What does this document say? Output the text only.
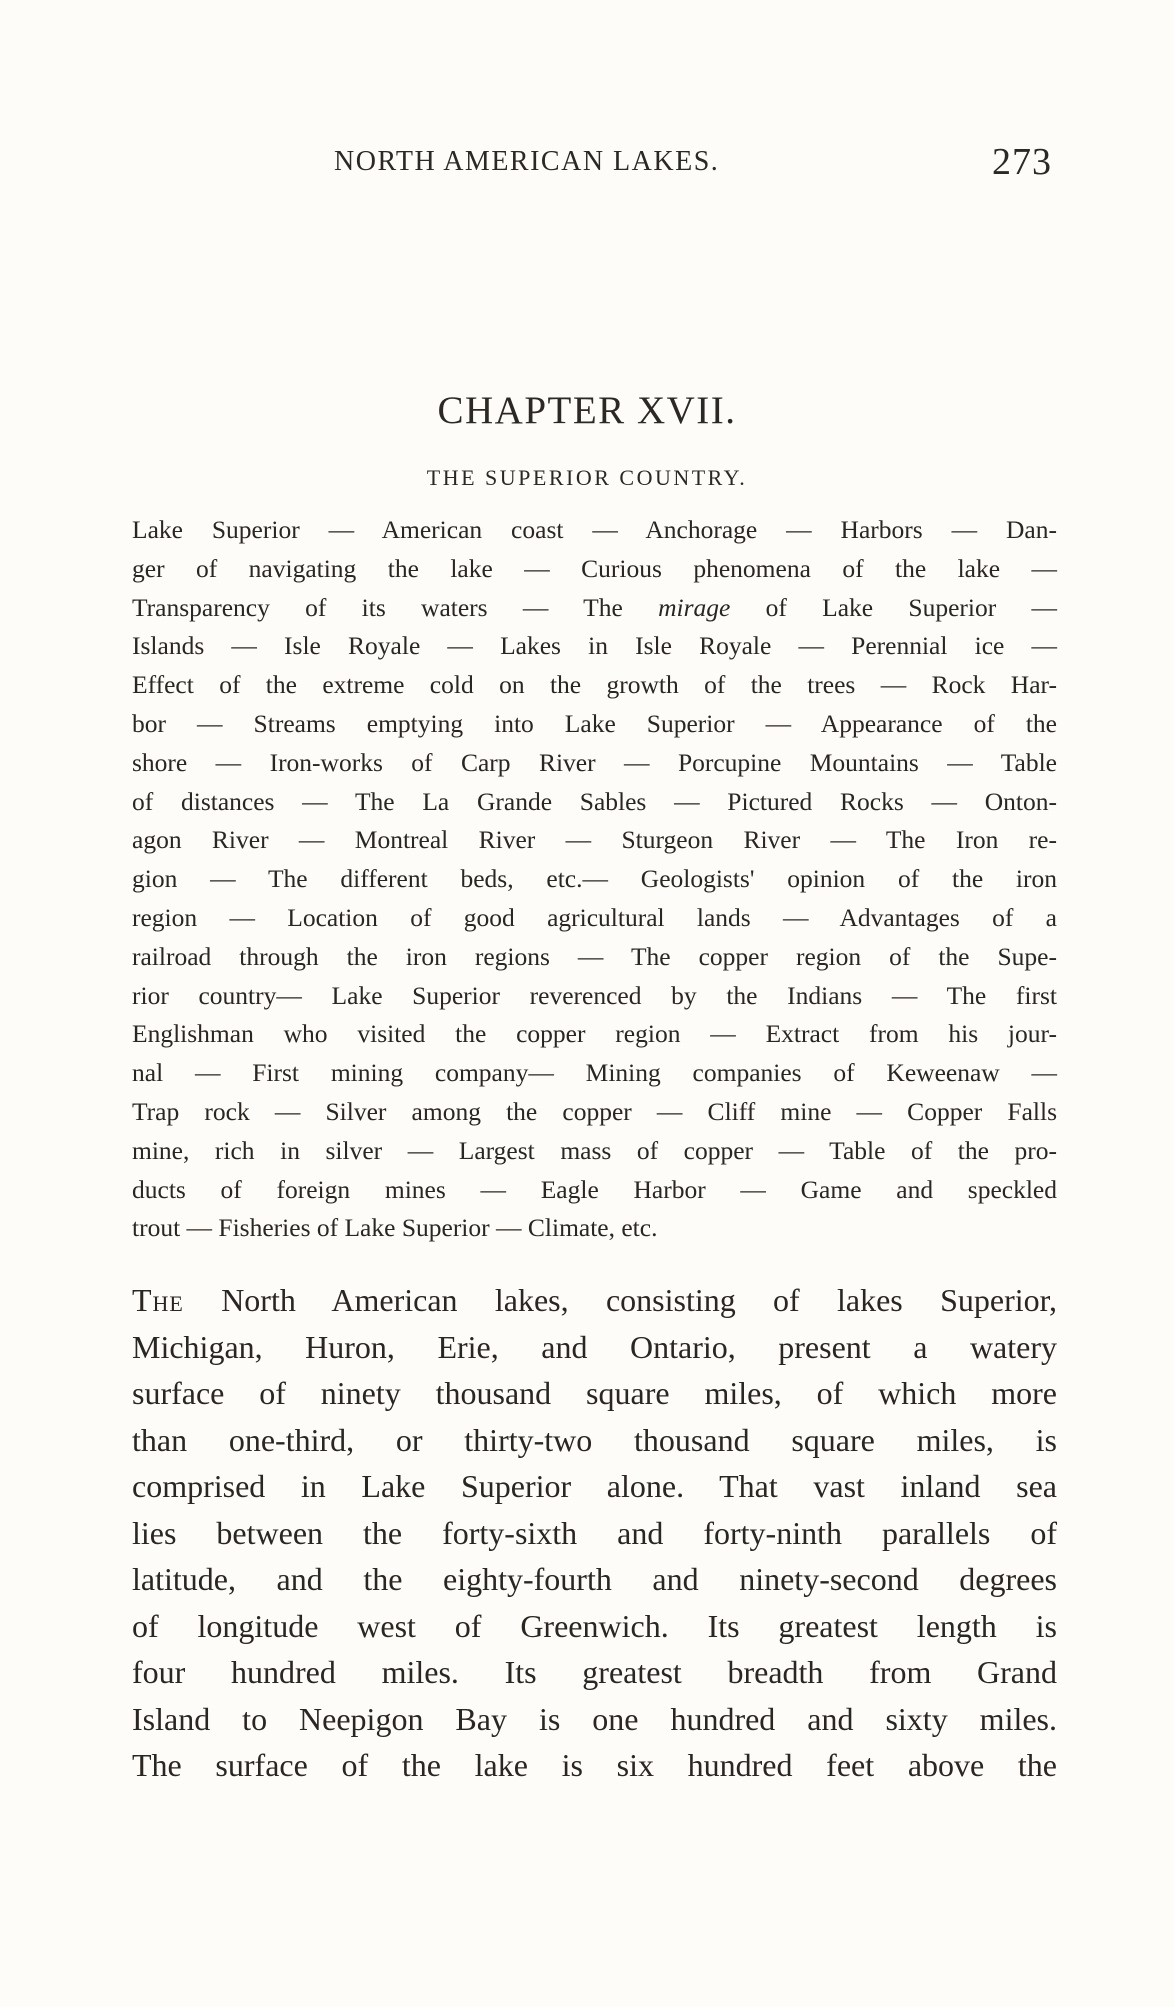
NORTH AMERICAN LAKES.	273
CHAPTER XVII.
THE SUPERIOR COUNTRY.
Lake Superior — American coast — Anchorage — Harbors — Dan-
ger of navigating the lake — Curious phenomena of the lake —
Transparency of its waters — The mirage of Lake Superior —
Islands — Isle Royale — Lakes in Isle Royale — Perennial ice —
Effect of the extreme cold on the growth of the trees — Rock Har-
bor — Streams emptying into Lake Superior — Appearance of the
shore — Iron-works of Carp River — Porcupine Mountains — Table
of distances — The La Grande Sables — Pictured Rocks — Onton-
agon River — Montreal River — Sturgeon River — The Iron re-
gion — The different beds, etc.— Geologists' opinion of the iron
region — Location of good agricultural lands — Advantages of a
railroad through the iron regions — The copper region of the Supe-
rior country— Lake Superior reverenced by the Indians — The first
Englishman who visited the copper region — Extract from his jour-
nal — First mining company— Mining companies of Keweenaw —
Trap rock — Silver among the copper — Cliff mine — Copper Falls
mine, rich in silver — Largest mass of copper — Table of the pro-
ducts of foreign mines — Eagle Harbor — Game and speckled
trout — Fisheries of Lake Superior — Climate, etc.
The North American lakes, consisting of lakes Superior,
Michigan, Huron, Erie, and Ontario, present a watery
surface of ninety thousand square miles, of which more
than one-third, or thirty-two thousand square miles, is
comprised in Lake Superior alone. That vast inland sea
lies between the forty-sixth and forty-ninth parallels of
latitude, and the eighty-fourth and ninety-second degrees
of longitude west of Greenwich. Its greatest length is
four hundred miles. Its greatest breadth from Grand
Island to Neepigon Bay is one hundred and sixty miles.
The surface of the lake is six hundred feet above the
